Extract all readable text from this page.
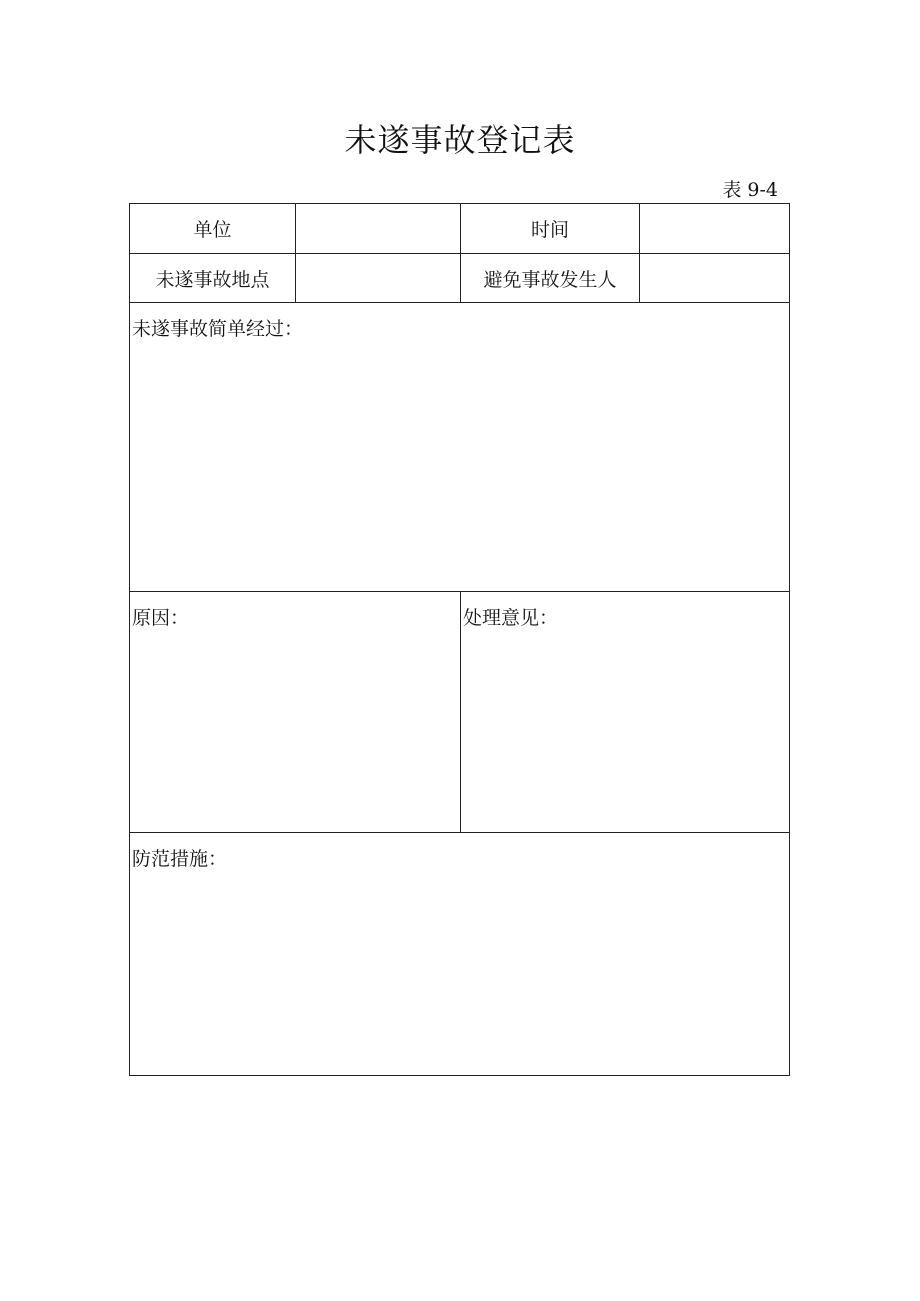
未遂事故登记表
表 9-4
单位	时间
未遂事故地点	避免事故发生人
未遂事故简单经过：
原因：	处理意见：
防范措施：
